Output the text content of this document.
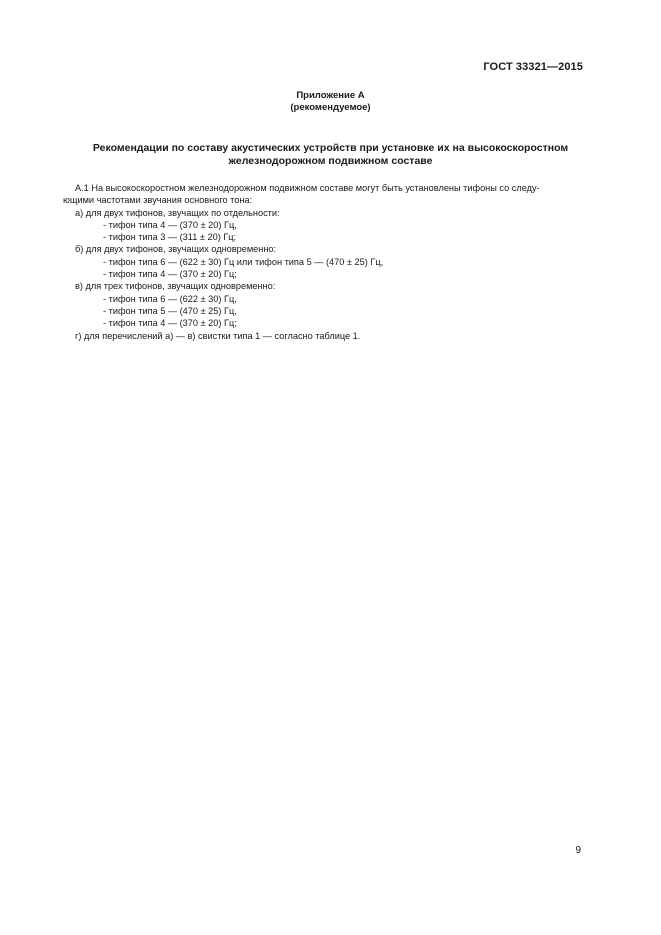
ГОСТ 33321—2015
Приложение А
(рекомендуемое)
Рекомендации по составу акустических устройств при установке их на высокоскоростном
железнодорожном подвижном составе
А.1 На высокоскоростном железнодорожном подвижном составе могут быть установлены тифоны со следу-
ющими частотами звучания основного тона:
а) для двух тифонов, звучащих по отдельности:
- тифон типа 4 — (370 ± 20) Гц,
- тифон типа 3 — (311 ± 20) Гц;
б) для двух тифонов, звучащих одновременно:
- тифон типа 6 — (622 ± 30) Гц или тифон типа 5 — (470 ± 25) Гц,
- тифон типа 4 — (370 ± 20) Гц;
в) для трех тифонов, звучащих одновременно:
- тифон типа 6 — (622 ± 30) Гц,
- тифон типа 5 — (470 ± 25) Гц,
- тифон типа 4 — (370 ± 20) Гц;
г) для перечислений а) — в) свистки типа 1 — согласно таблице 1.
9
